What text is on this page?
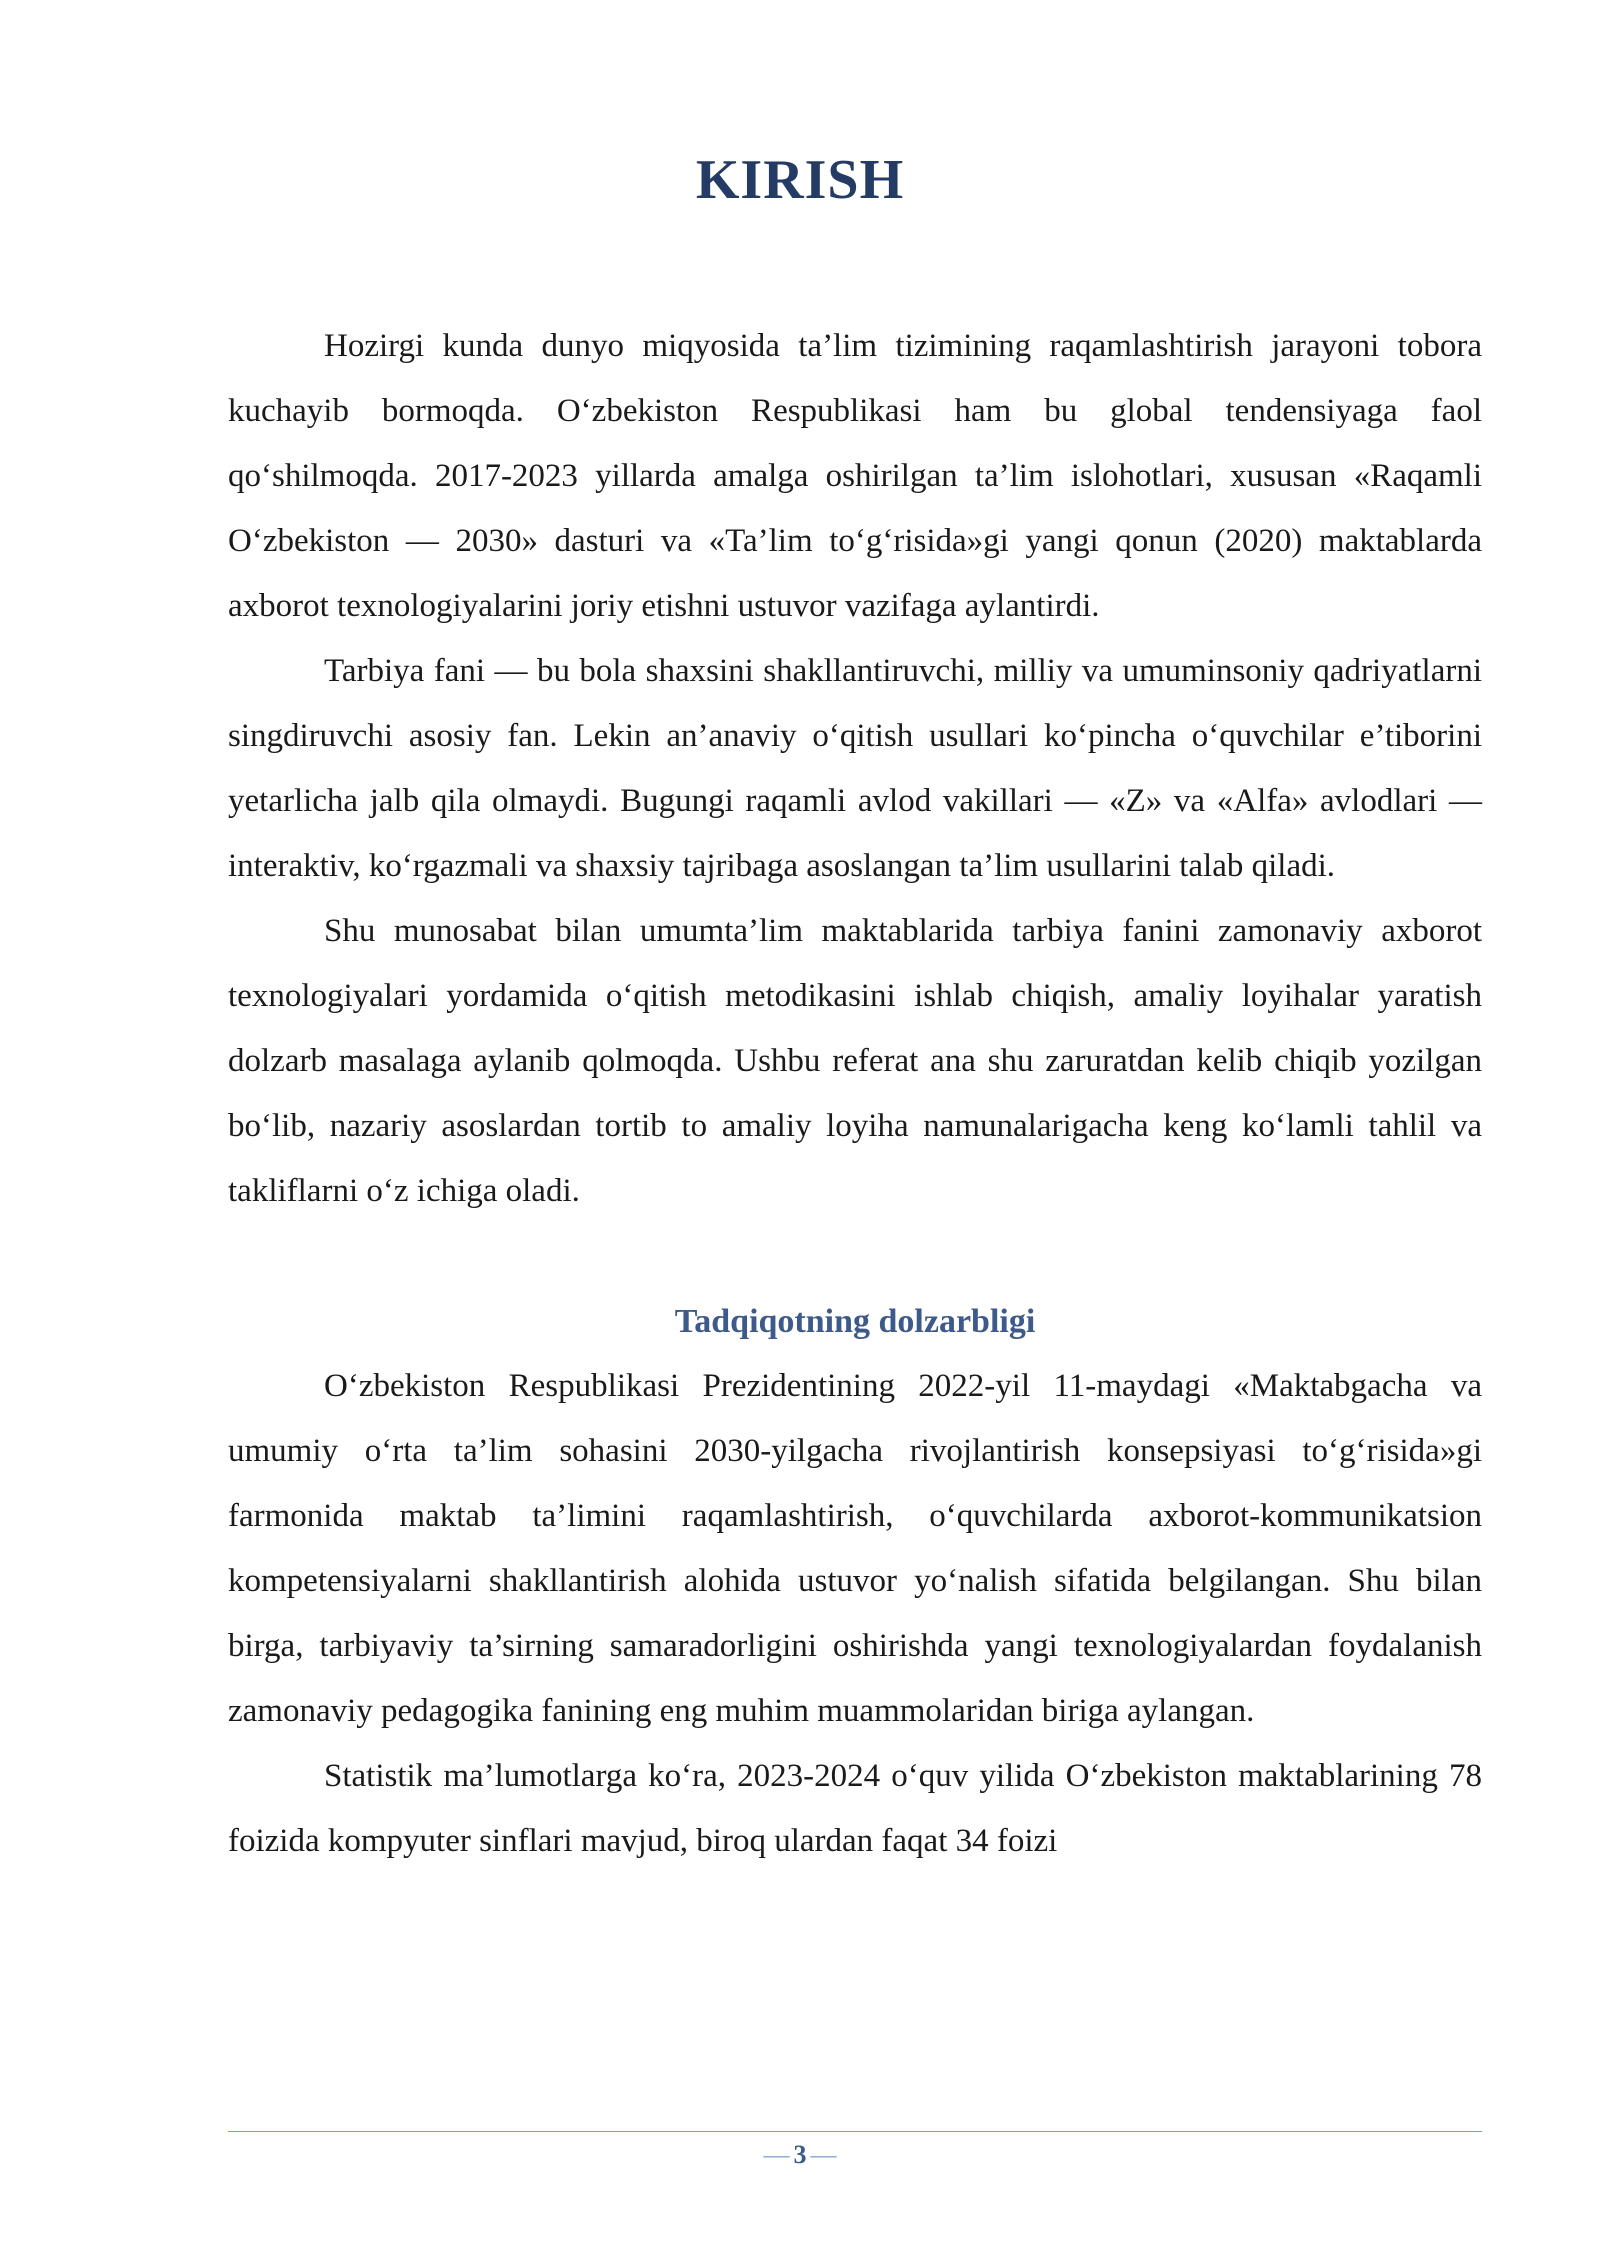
KIRISH

Hozirgi kunda dunyo miqyosida ta’lim tizimining raqamlashtirish jarayoni tobora kuchayib bormoqda. O‘zbekiston Respublikasi ham bu global tendensiyaga faol qo‘shilmoqda. 2017-2023 yillarda amalga oshirilgan ta’lim islohotlari, xususan «Raqamli O‘zbekiston — 2030» dasturi va «Ta’lim to‘g‘risida»gi yangi qonun (2020) maktablarda axborot texnologiyalarini joriy etishni ustuvor vazifaga aylantirdi.

Tarbiya fani — bu bola shaxsini shakllantiruvchi, milliy va umuminsoniy qadriyatlarni singdiruvchi asosiy fan. Lekin an’anaviy o‘qitish usullari ko‘pincha o‘quvchilar e’tiborini yetarlicha jalb qila olmaydi. Bugungi raqamli avlod vakillari — «Z» va «Alfa» avlodlari — interaktiv, ko‘rgazmali va shaxsiy tajribaga asoslangan ta’lim usullarini talab qiladi.

Shu munosabat bilan umumta’lim maktablarida tarbiya fanini zamonaviy axborot texnologiyalari yordamida o‘qitish metodikasini ishlab chiqish, amaliy loyihalar yaratish dolzarb masalaga aylanib qolmoqda. Ushbu referat ana shu zaruratdan kelib chiqib yozilgan bo‘lib, nazariy asoslardan tortib to amaliy loyiha namunalarigacha keng ko‘lamli tahlil va takliflarni o‘z ichiga oladi.

Tadqiqotning dolzarbligi

O‘zbekiston Respublikasi Prezidentining 2022-yil 11-maydagi «Maktabgacha va umumiy o‘rta ta’lim sohasini 2030-yilgacha rivojlantirish konsepsiyasi to‘g‘risida»gi farmonida maktab ta’limini raqamlashtirish, o‘quvchilarda axborot-kommunikatsion kompetensiyalarni shakllantirish alohida ustuvor yo‘nalish sifatida belgilangan. Shu bilan birga, tarbiyaviy ta’sirning samaradorligini oshirishda yangi texnologiyalardan foydalanish zamonaviy pedagogika fanining eng muhim muammolaridan biriga aylangan.

Statistik ma’lumotlarga ko‘ra, 2023-2024 o‘quv yilida O‘zbekiston maktablarining 78 foizida kompyuter sinflari mavjud, biroq ulardan faqat 34 foizi

— 3 —
